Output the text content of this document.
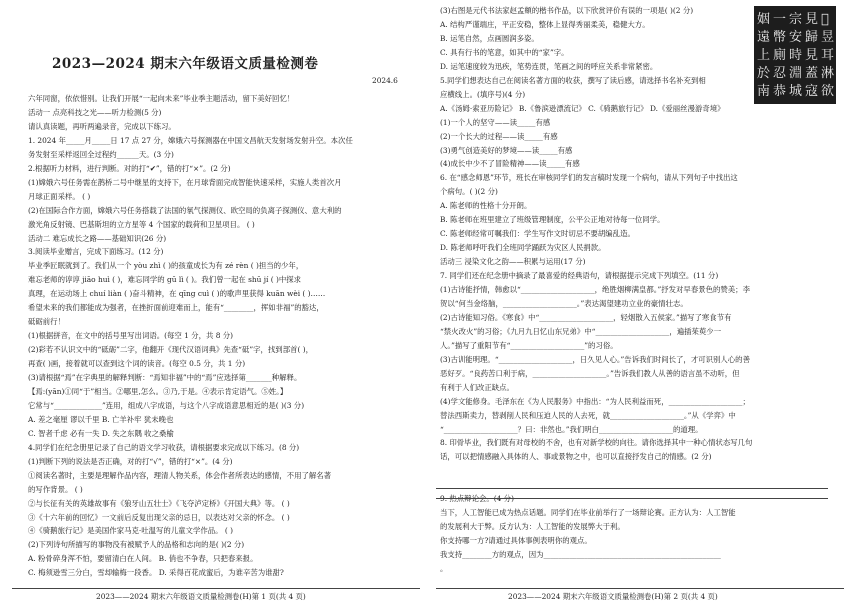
2023—2024 期末六年级语文质量检测卷
2024.6
六年同窗，依依惜别。让我们开展“一起向未来”毕业季主题活动，留下美好回忆！
活动一 点亮科技之光——听力检测(5 分)
请认真读题，再听两遍录音，完成以下练习。
1. 2024 年_____月_____日 17 点 27 分，嫦娥六号探测器在中国文昌航天发射场发射升空。本次任
务发射至采样返回全过程约______天。(3 分)
2.根据听力材料，进行判断。对的打“✔”，错的打“×”。(2 分)
(1)嫦娥六号任务需在鹊桥二号中继星的支持下，在月球背面完成智能快速采样，实施人类首次月
月球正面采样。 ( )
(2)在国际合作方面，嫦娥六号任务搭载了法国的氡气探测仪、欧空局的负离子探测仪、意大利的
激光角反射镜、巴基斯坦的立方星等 4 个国家的载荷和卫星项目。 ( )
活动二 难忘成长之路——基础知识(26 分)
3.阅读毕业赠言，完成下面练习。(12 分)
毕业季匠眠就到了。我们从一个 yòu zhì ( )的孩童成长为有 zé rèn ( )担当的少年，
难忘老师的谆谆 jiāo huì ( )，难忘同学的 gū lì ( )。我们曾一起在 shū jí ( )中探求
真理，在运动场上 chuí liàn ( )奋斗精神，在 qīng cuì ( )的歌声里获得 kuān wèi ( )……
希望未来的我们都能成为强者，在挫折面前迎难而上，能有“________，挥如非福”的豁达，
砥砺前行！
(1)根据拼音，在文中的括号里写出词语。(每空 1 分，共 8 分)
(2)彩若不认识文中的“砥砺”二字，他翻开《现代汉语词典》先查“砥”字，找到部首( )，
再查( )画，接着就可以查到这个词的读音。(每空 0.5 分，共 1 分)
(3)请根据“焉”在字典里的解释判断：“焉知非福”中的“焉”应选择第_______种解释。
【焉:(yān)①同“于”相当。②哪里,怎么。③乃,于是。④表示肯定语气。⑤姓。】
它常与“_____________”连用，组成八字成语，与这个八字成语意思相近的是( )(3 分)
A. 差之毫厘 谬以千里 B. 亡羊补牢 犹未晚也
C. 智者千虑 必有一失 D. 失之东隅 收之桑榆
4.同学们在纪念册里记录了自己的语文学习收获，请根据要求完成以下练习。(8 分)
(1)判断下列的说法是否正确，对的打“√”，错的打“×”。(4 分)
①阅读名著时，主要是理解作品内容，理清人物关系，体会作者所表达的感情，不用了解名著
的写作背景。 ( )
②与长征有关的英雄故事有《狼牙山五壮士》《飞夺泸定桥》《开国大典》等。 ( )
③《十六年前的回忆》一文前后反复出现父亲的忌日，以表达对父亲的怀念。 ( )
④《骑鹅旅行记》是美国作家马克·吐温写的儿童文学作品。 ( )
(2)下列诗句所描写的事物没有被赋予人的品格和志向的是( )(2 分)
A. 粉骨碎身浑不怕，要留清白在人间。 B. 俏也不争春，只把春来报。
C. 梅须逊雪三分白，雪却输梅一段香。 D. 采得百花成蜜后，为谁辛苦为谁甜?
2023——2024 期末六年级语文质量检测卷(H)第 1 页(共 4 页)
(3)右图是元代书法家赵孟頫的楷书作品，以下欣赏评价有误的一项是( )(2 分)
A. 结构严谨端庄，平正安稳，整体上显得秀丽柔美，稳健大方。
B. 运笔自然，点画圆润多姿。
C. 具有行书的笔意，如其中的“家”字。
D. 运笔速度较为迅疾，笔势连贯，笔画之间的呼应关系非常紧密。
5.同学们想表达自己在阅读名著方面的收获，撰写了读后感，请选择书名补充到相
应横线上。(填序号)(4 分)
A.《汤姆·索亚历险记》 B.《鲁滨逊漂流记》 C.《骑鹅旅行记》 D.《爱丽丝漫游奇境》
(1)一个人的坚守——读_____有感
(2)一个长大的过程——读_____有感
(3)勇气创造美好的梦境——读_____有感
(4)成长中少不了冒险精神——读_____有感
6. 在“感念师恩”环节，班长在审核同学们的发言稿时发现一个病句，请从下列句子中找出这
个病句。( )(2 分)
A. 陈老师的性格十分开朗。
B. 陈老师在班里建立了班级管理制度，公平公正地对待每一位同学。
C. 陈老师经常可嘱我们：学生写作文时切忌不要胡编乱造。
D. 陈老师呼吁我们全班同学踊跃为灾区人民捐款。
活动三 浸染文化之韵——积累与运用(17 分)
7. 同学们还在纪念册中摘录了最喜爱的经典语句，请根据提示完成下列填空。(11 分)
(1)古诗能抒情，韩愈以“____________________，绝胜烟柳满皇都。”抒发对早春景色的赞美；李
贺以“何当金络脑，____________________。”表达渴望建功立业的豪情壮志。
(2)古诗能知习俗。《寒食》中“____________________，轻烟散入五侯家。”描写了寒食节有
“禁火改火”的习俗；《九月九日忆山东兄弟》中“____________________，遍插茱萸少一
人。”描写了重阳节有“____________________”的习俗。
(3)古训能明理。“____________________，日久见人心。”告诉我们时间长了，才可识别人心的善
恶好歹。“良药苦口利于病，____________________。”告诉我们教人从善的语言虽不动听，但
有利于人们改正缺点。
(4)学文能修身。毛泽东在《为人民服务》中指出：“为人民利益而死，____________________；
替法西斯卖力，替剥削人民和压迫人民的人去死，就____________________。”从《学弈》中
“____________________？曰：非然也。”我们明白____________________的道理。
8. 印骨毕业，我们既有对母校的不舍，也有对新学校的向往。请你选择其中一种心情状态写几句
话，可以把情感融入具体的人、事或景物之中，也可以直接抒发自己的情感。(2 分)
9. 热点辩论会。(4 分)
当下，人工智能已成为热点话题。同学们在毕业前举行了一场辩论赛。正方认为：人工智能
的发展利大于弊。反方认为：人工智能的发展弊大于利。
你支持哪一方?请通过具体事例表明你的观点。
我支持________方的观点，因为________________________________________________
。
𫂁
昱
耳
淋
欲
見
歸
見
蓋
寇
宗
安
時
淵
城
一
幣
廁
忍
恭
姻
遠
上
於
南
2023——2024 期末六年级语文质量检测卷(H)第 2 页(共 4 页)
